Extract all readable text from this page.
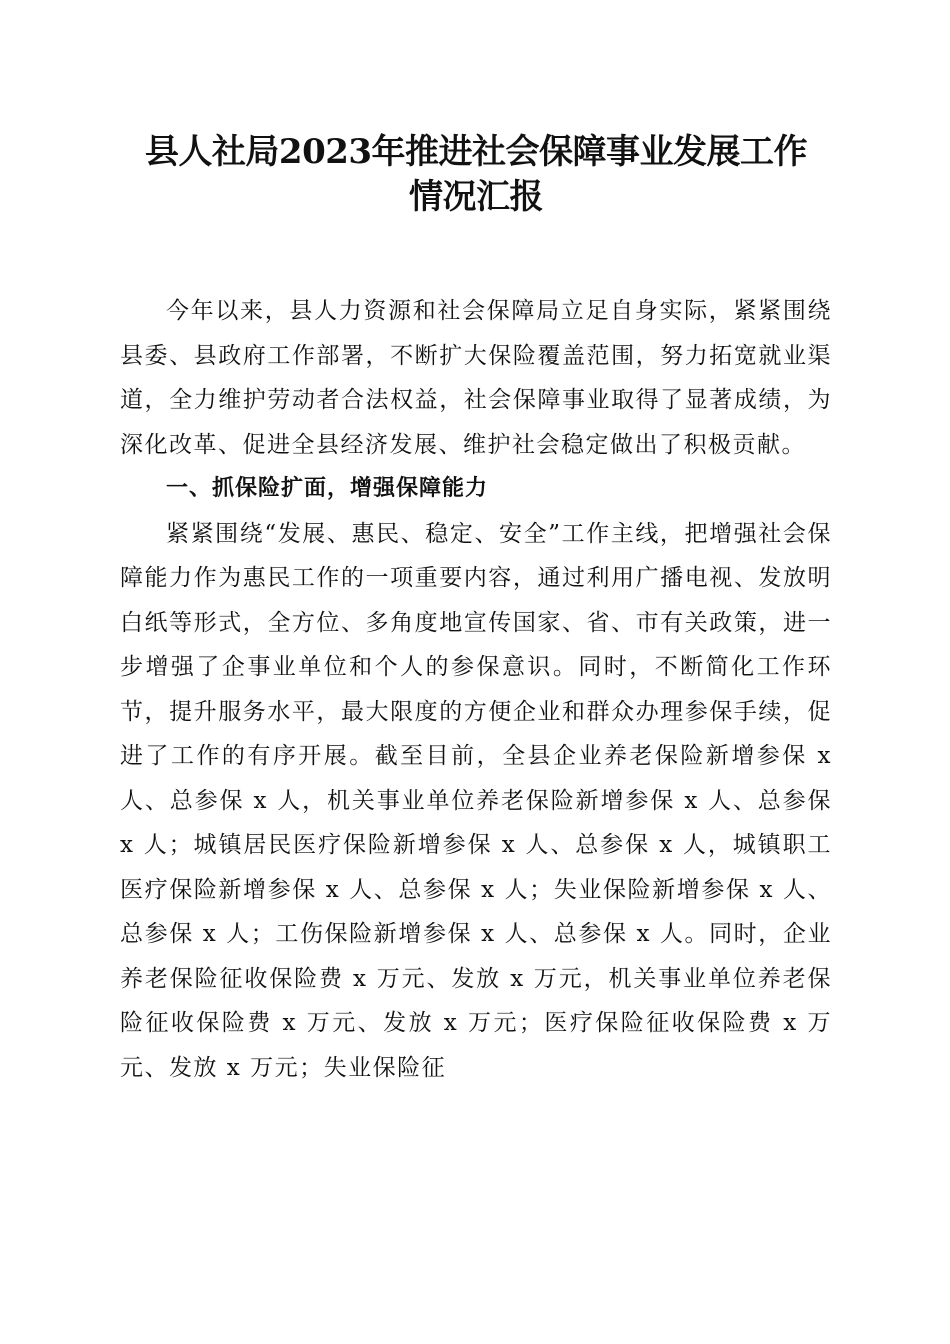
县人社局2023年推进社会保障事业发展工作
情况汇报

今年以来，县人力资源和社会保障局立足自身实际，紧紧围绕县委、县政府工作部署，不断扩大保险覆盖范围，努力拓宽就业渠道，全力维护劳动者合法权益，社会保障事业取得了显著成绩，为深化改革、促进全县经济发展、维护社会稳定做出了积极贡献。

一、抓保险扩面，增强保障能力

紧紧围绕“发展、惠民、稳定、安全”工作主线，把增强社会保障能力作为惠民工作的一项重要内容，通过利用广播电视、发放明白纸等形式，全方位、多角度地宣传国家、省、市有关政策，进一步增强了企事业单位和个人的参保意识。同时，不断简化工作环节，提升服务水平，最大限度的方便企业和群众办理参保手续，促进了工作的有序开展。截至目前，全县企业养老保险新增参保 x 人、总参保 x 人，机关事业单位养老保险新增参保 x 人、总参保 x 人；城镇居民医疗保险新增参保 x 人、总参保 x 人，城镇职工医疗保险新增参保 x 人、总参保 x 人；失业保险新增参保 x 人、总参保 x 人；工伤保险新增参保 x 人、总参保 x 人。同时，企业养老保险征收保险费 x 万元、发放 x 万元，机关事业单位养老保险征收保险费 x 万元、发放 x 万元；医疗保险征收保险费 x 万元、发放 x 万元；失业保险征
